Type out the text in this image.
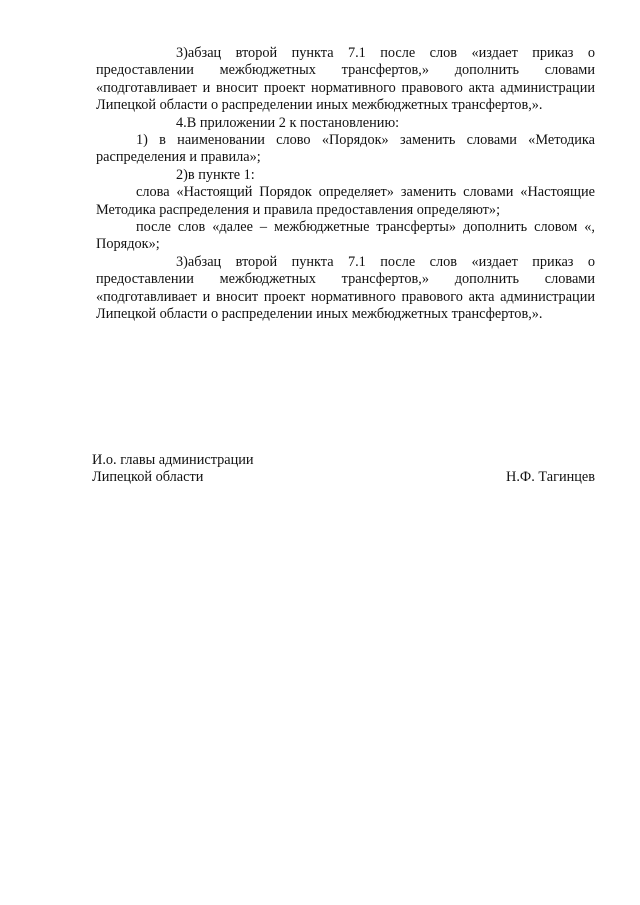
3)абзац второй пункта 7.1 после слов «издает приказ о предоставлении межбюджетных трансфертов,» дополнить словами «подготавливает и вносит проект нормативного правового акта администрации Липецкой области о распределении иных межбюджетных трансфертов,».

4.В приложении 2 к постановлению:

1) в наименовании слово «Порядок» заменить словами «Методика распределения и правила»;

2)в пункте 1:

слова «Настоящий Порядок определяет» заменить словами «Настоящие Методика распределения и правила предоставления определяют»;

после слов «далее – межбюджетные трансферты» дополнить словом «, Порядок»;

3)абзац второй пункта 7.1 после слов «издает приказ о предоставлении межбюджетных трансфертов,» дополнить словами «подготавливает и вносит проект нормативного правового акта администрации Липецкой области о распределении иных межбюджетных трансфертов,».

И.о. главы администрации
Липецкой области	Н.Ф. Тагинцев
